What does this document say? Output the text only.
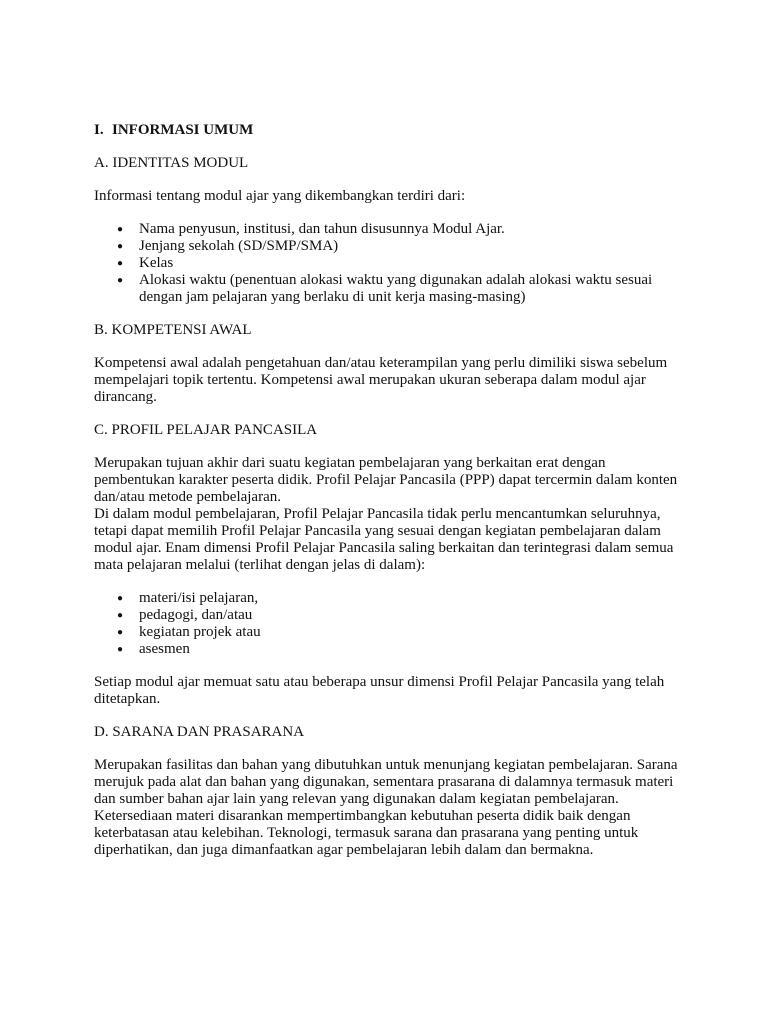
I. INFORMASI UMUM
A. IDENTITAS MODUL

Informasi tentang modul ajar yang dikembangkan terdiri dari:

● Nama penyusun, institusi, dan tahun disusunnya Modul Ajar.
● Jenjang sekolah (SD/SMP/SMA)
● Kelas
● Alokasi waktu (penentuan alokasi waktu yang digunakan adalah alokasi waktu sesuai dengan jam pelajaran yang berlaku di unit kerja masing-masing)
B. KOMPETENSI AWAL

Kompetensi awal adalah pengetahuan dan/atau keterampilan yang perlu dimiliki siswa sebelum mempelajari topik tertentu. Kompetensi awal merupakan ukuran seberapa dalam modul ajar dirancang.

C. PROFIL PELAJAR PANCASILA

Merupakan tujuan akhir dari suatu kegiatan pembelajaran yang berkaitan erat dengan pembentukan karakter peserta didik. Profil Pelajar Pancasila (PPP) dapat tercermin dalam konten dan/atau metode pembelajaran.

Di dalam modul pembelajaran, Profil Pelajar Pancasila tidak perlu mencantumkan seluruhnya, tetapi dapat memilih Profil Pelajar Pancasila yang sesuai dengan kegiatan pembelajaran dalam modul ajar. Enam dimensi Profil Pelajar Pancasila saling berkaitan dan terintegrasi dalam semua mata pelajaran melalui (terlihat dengan jelas di dalam):

● materi/isi pelajaran,
● pedagogi, dan/atau
● kegiatan projek atau
● asesmen

Setiap modul ajar memuat satu atau beberapa unsur dimensi Profil Pelajar Pancasila yang telah ditetapkan.

D. SARANA DAN PRASARANA

Merupakan fasilitas dan bahan yang dibutuhkan untuk menunjang kegiatan pembelajaran. Sarana merujuk pada alat dan bahan yang digunakan, sementara prasarana di dalamnya termasuk materi dan sumber bahan ajar lain yang relevan yang digunakan dalam kegiatan pembelajaran.

Ketersediaan materi disarankan mempertimbangkan kebutuhan peserta didik baik dengan keterbatasan atau kelebihan. Teknologi, termasuk sarana dan prasarana yang penting untuk diperhatikan, dan juga dimanfaatkan agar pembelajaran lebih dalam dan bermakna.
